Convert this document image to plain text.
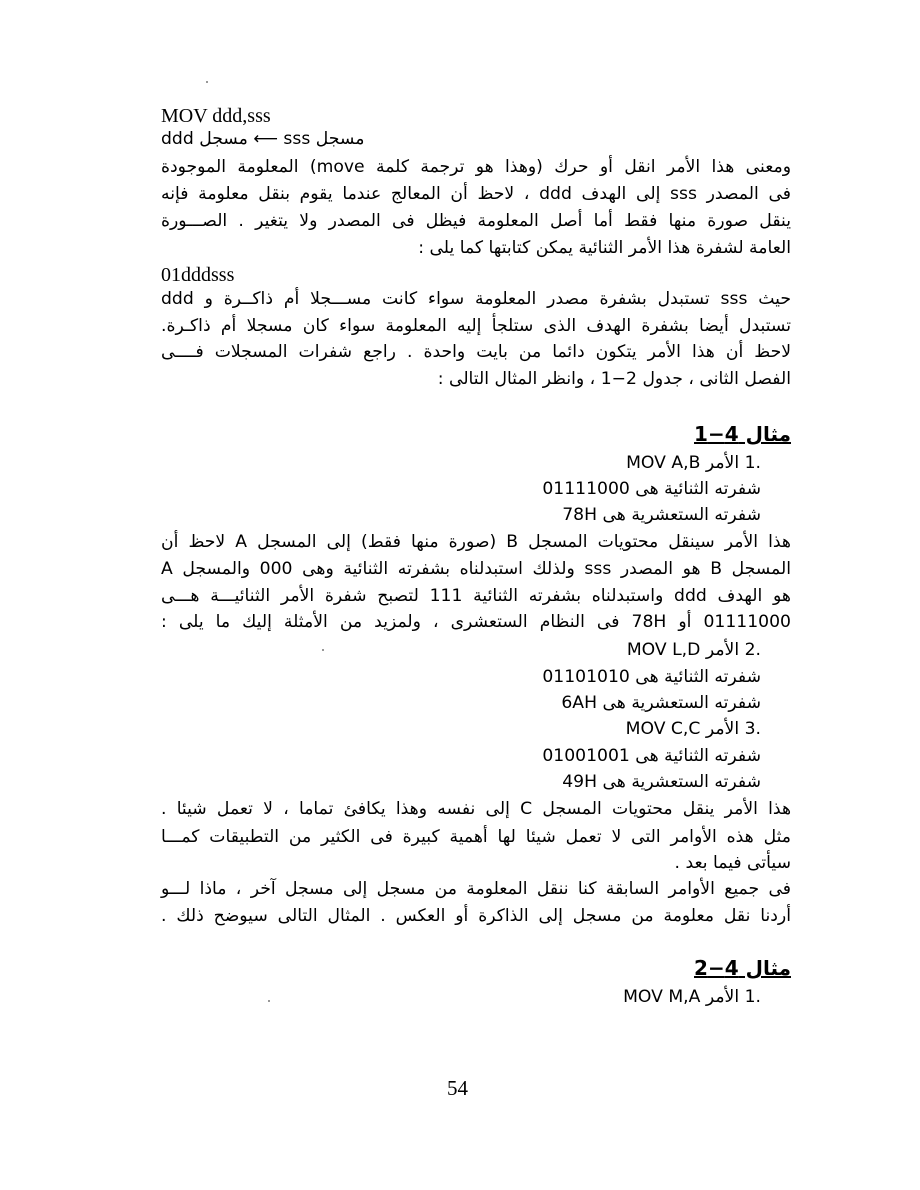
MOV ddd,sss
مسجل sss ⟵ مسجل ddd
ومعنى هذا الأمر انقل أو حرك (وهذا هو ترجمة كلمة move) المعلومة الموجودة
فى المصدر sss إلى الهدف ddd ، لاحظ أن المعالج عندما يقوم بنقل معلومة فإنه
ينقل صورة منها فقط أما أصل المعلومة فيظل فى المصدر ولا يتغير . الصـــورة
العامة لشفرة هذا الأمر الثنائية يمكن كتابتها كما يلى :
01dddsss
حيث sss تستبدل بشفرة مصدر المعلومة سواء كانت مســـجلا أم ذاكــرة و ddd
تستبدل أيضا بشفرة الهدف الذى ستلجأ إليه المعلومة سواء كان مسجلا أم ذاكـرة.
لاحظ أن هذا الأمر يتكون دائما من بايت واحدة . راجع شفرات المسجلات فــــى
الفصل الثانى ، جدول 2−1 ، وانظر المثال التالى :
مثال 4−1
.1 الأمر MOV A,B
شفرته الثنائية هى 01111000
شفرته الستعشرية هى 78H
هذا الأمر سينقل محتويات المسجل B (صورة منها فقط) إلى المسجل A لاحظ أن
المسجل B هو المصدر sss ولذلك استبدلناه بشفرته الثنائية وهى 000 والمسجل A
هو الهدف ddd واستبدلناه بشفرته الثنائية 111 لتصبح شفرة الأمر الثنائيـــة هـــى
01111000 أو 78H فى النظام الستعشرى ، ولمزيد من الأمثلة إليك ما يلى :
.2 الأمر MOV L,D
شفرته الثنائية هى 01101010
شفرته الستعشرية هى 6AH
.3 الأمر MOV C,C
شفرته الثنائية هى 01001001
شفرته الستعشرية هى 49H
هذا الأمر ينقل محتويات المسجل C إلى نفسه وهذا يكافئ تماما ، لا تعمل شيئا .
مثل هذه الأوامر التى لا تعمل شيئا لها أهمية كبيرة فى الكثير من التطبيقات كمـــا
سيأتى فيما بعد .
فى جميع الأوامر السابقة كنا ننقل المعلومة من مسجل إلى مسجل آخر ، ماذا لـــو
أردنا نقل معلومة من مسجل إلى الذاكرة أو العكس . المثال التالى سيوضح ذلك .
مثال 4−2
.1 الأمر MOV M,A
54
